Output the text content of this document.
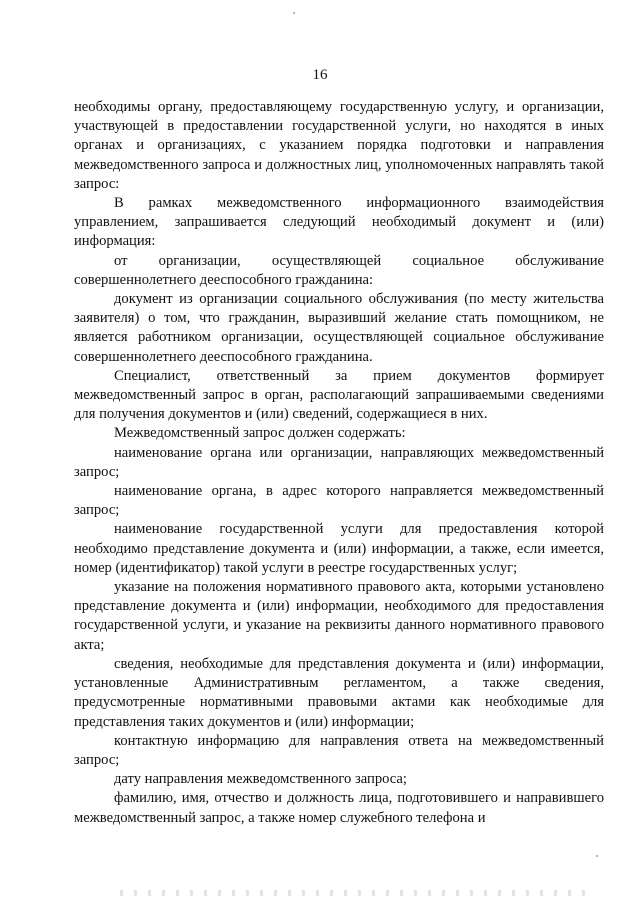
16

необходимы органу, предоставляющему государственную услугу, и организации, участвующей в предоставлении государственной услуги, но находятся в иных органах и организациях, с указанием порядка подготовки и направления межведомственного запроса и должностных лиц, уполномоченных направлять такой запрос:

В рамках межведомственного информационного взаимодействия управлением, запрашивается следующий необходимый документ и (или) информация:

от организации, осуществляющей социальное обслуживание совершеннолетнего дееспособного гражданина:

документ из организации социального обслуживания (по месту жительства заявителя) о том, что гражданин, выразивший желание стать помощником, не является работником организации, осуществляющей социальное обслуживание совершеннолетнего дееспособного гражданина.

Специалист, ответственный за прием документов формирует межведомственный запрос в орган, располагающий запрашиваемыми сведениями для получения документов и (или) сведений, содержащиеся в них.

Межведомственный запрос должен содержать:

наименование органа или организации, направляющих межведомственный запрос;

наименование органа, в адрес которого направляется межведомственный запрос;

наименование государственной услуги для предоставления которой необходимо представление документа и (или) информации, а также, если имеется, номер (идентификатор) такой услуги в реестре государственных услуг;

указание на положения нормативного правового акта, которыми установлено представление документа и (или) информации, необходимого для предоставления государственной услуги, и указание на реквизиты данного нормативного правового акта;

сведения, необходимые для представления документа и (или) информации, установленные Административным регламентом, а также сведения, предусмотренные нормативными правовыми актами как необходимые для представления таких документов и (или) информации;

контактную информацию для направления ответа на межведомственный запрос;

дату направления межведомственного запроса;

фамилию, имя, отчество и должность лица, подготовившего и направившего межведомственный запрос, а также номер служебного телефона и
